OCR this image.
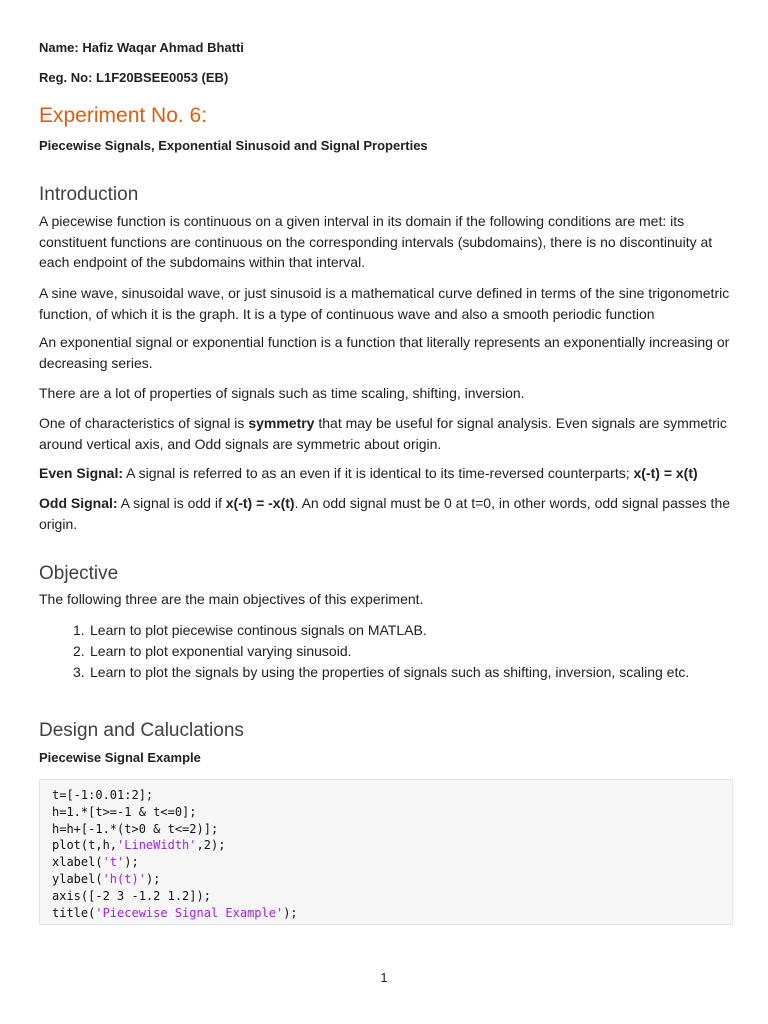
Name: Hafiz Waqar Ahmad Bhatti

Reg. No: L1F20BSEE0053 (EB)

Experiment No. 6:

Piecewise Signals, Exponential Sinusoid and Signal Properties

Introduction

A piecewise function is continuous on a given interval in its domain if the following conditions are met: its constituent functions are continuous on the corresponding intervals (subdomains), there is no discontinuity at each endpoint of the subdomains within that interval.

A sine wave, sinusoidal wave, or just sinusoid is a mathematical curve defined in terms of the sine trigonometric function, of which it is the graph. It is a type of continuous wave and also a smooth periodic function

An exponential signal or exponential function is a function that literally represents an exponentially increasing or decreasing series.

There are a lot of properties of signals such as time scaling, shifting, inversion.

One of characteristics of signal is symmetry that may be useful for signal analysis. Even signals are symmetric around vertical axis, and Odd signals are symmetric about origin.

Even Signal: A signal is referred to as an even if it is identical to its time-reversed counterparts; x(-t) = x(t)

Odd Signal: A signal is odd if x(-t) = -x(t). An odd signal must be 0 at t=0, in other words, odd signal passes the origin.

Objective

The following three are the main objectives of this experiment.

1. Learn to plot piecewise continous signals on MATLAB.
2. Learn to plot exponential varying sinusoid.
3. Learn to plot the signals by using the properties of signals such as shifting, inversion, scaling etc.
Design and Caluclations

Piecewise Signal Example

t=[-1:0.01:2];
h=1.*[t>=-1 & t<=0];
h=h+[-1.*(t>0 & t<=2)];
plot(t,h,'LineWidth',2);
xlabel('t');
ylabel('h(t)');
axis([-2 3 -1.2 1.2]);
title('Piecewise Signal Example');
1
